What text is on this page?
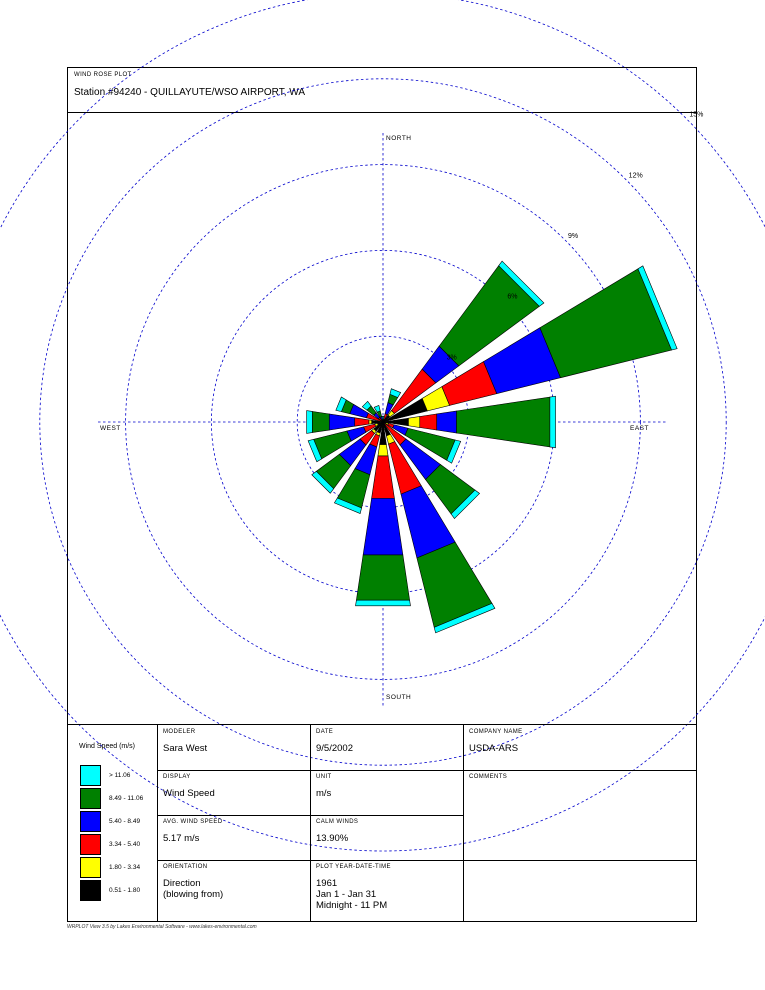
WIND ROSE PLOT
Station #94240 - QUILLAYUTE/WSO AIRPORT, WA
3%
6%
9%
12%
15%
NORTH
SOUTH
EAST
WEST
Wind Speed (m/s)
> 11.06
8.49 - 11.06
5.40 - 8.49
3.34 - 5.40
1.80 - 3.34
0.51 - 1.80
MODELER
Sara West
DATE
9/5/2002
COMPANY NAME
USDA-ARS
DISPLAY
Wind Speed
UNIT
m/s
COMMENTS
AVG. WIND SPEED
5.17 m/s
CALM WINDS
13.90%
ORIENTATION
Direction
(blowing from)
PLOT YEAR-DATE-TIME
1961
Jan 1 - Jan 31
Midnight - 11 PM
WRPLOT View 3.5 by Lakes Environmental Software - www.lakes-environmental.com
